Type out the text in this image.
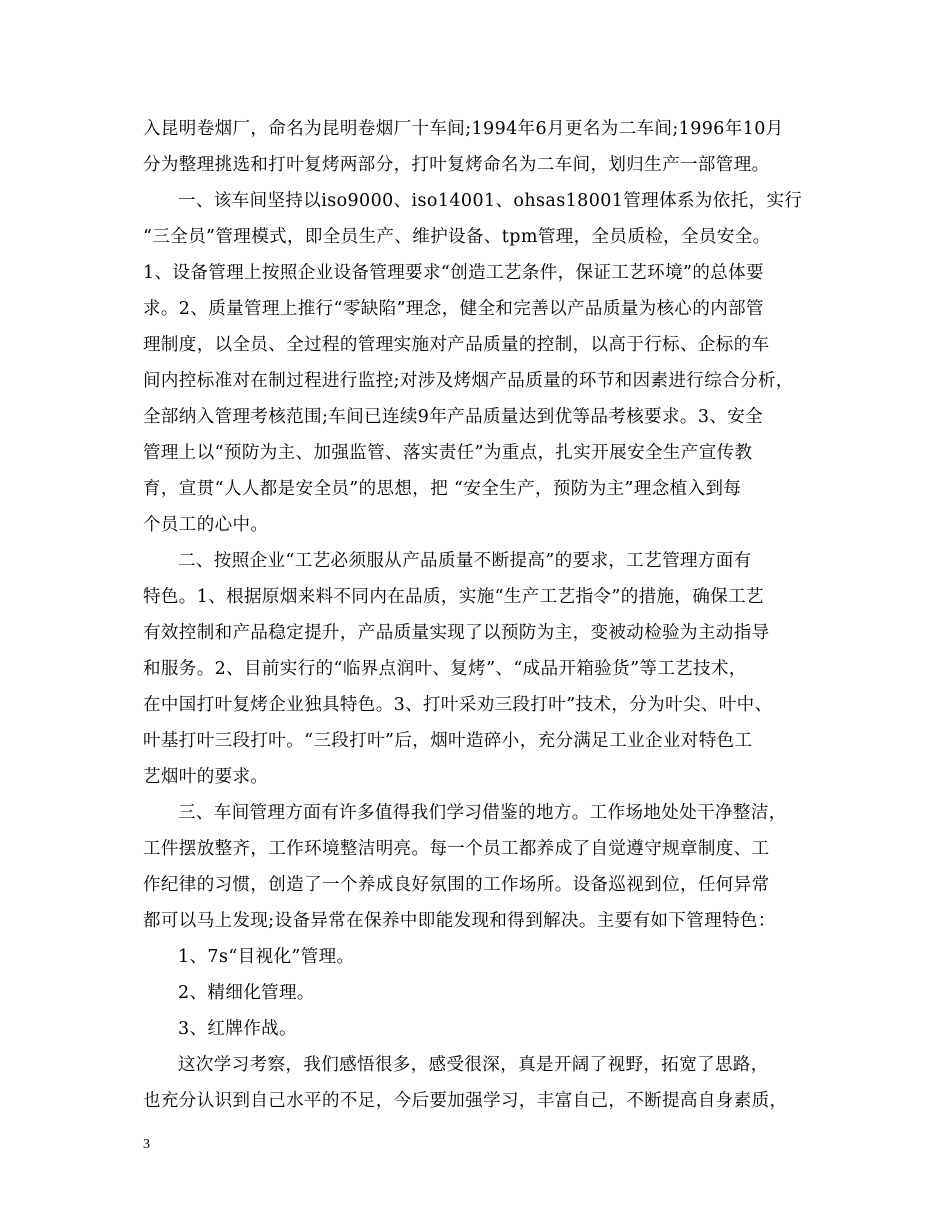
入昆明卷烟厂，命名为昆明卷烟厂十车间;1994年6月更名为二车间;1996年10月
分为整理挑选和打叶复烤两部分，打叶复烤命名为二车间，划归生产一部管理。
一、该车间坚持以iso9000、iso14001、ohsas18001管理体系为依托，实行
“三全员”管理模式，即全员生产、维护设备、tpm管理，全员质检，全员安全。
1、设备管理上按照企业设备管理要求“创造工艺条件，保证工艺环境”的总体要
求。2、质量管理上推行“零缺陷”理念，健全和完善以产品质量为核心的内部管
理制度，以全员、全过程的管理实施对产品质量的控制，以高于行标、企标的车
间内控标准对在制过程进行监控;对涉及烤烟产品质量的环节和因素进行综合分析，
全部纳入管理考核范围;车间已连续9年产品质量达到优等品考核要求。3、安全
管理上以“预防为主、加强监管、落实责任”为重点，扎实开展安全生产宣传教
育，宣贯“人人都是安全员”的思想，把 “安全生产，预防为主”理念植入到每
个员工的心中。
二、按照企业“工艺必须服从产品质量不断提高”的要求，工艺管理方面有
特色。1、根据原烟来料不同内在品质，实施“生产工艺指令”的措施，确保工艺
有效控制和产品稳定提升，产品质量实现了以预防为主，变被动检验为主动指导
和服务。2、目前实行的“临界点润叶、复烤”、“成品开箱验货”等工艺技术，
在中国打叶复烤企业独具特色。3、打叶采劝三段打叶”技术，分为叶尖、叶中、
叶基打叶三段打叶。“三段打叶”后，烟叶造碎小，充分满足工业企业对特色工
艺烟叶的要求。
三、车间管理方面有许多值得我们学习借鉴的地方。工作场地处处干净整洁，
工件摆放整齐，工作环境整洁明亮。每一个员工都养成了自觉遵守规章制度、工
作纪律的习惯，创造了一个养成良好氛围的工作场所。设备巡视到位，任何异常
都可以马上发现;设备异常在保养中即能发现和得到解决。主要有如下管理特色：
1、7s“目视化”管理。
2、精细化管理。
3、红牌作战。
这次学习考察，我们感悟很多，感受很深，真是开阔了视野，拓宽了思路，
也充分认识到自己水平的不足，今后要加强学习，丰富自己，不断提高自身素质，
3
